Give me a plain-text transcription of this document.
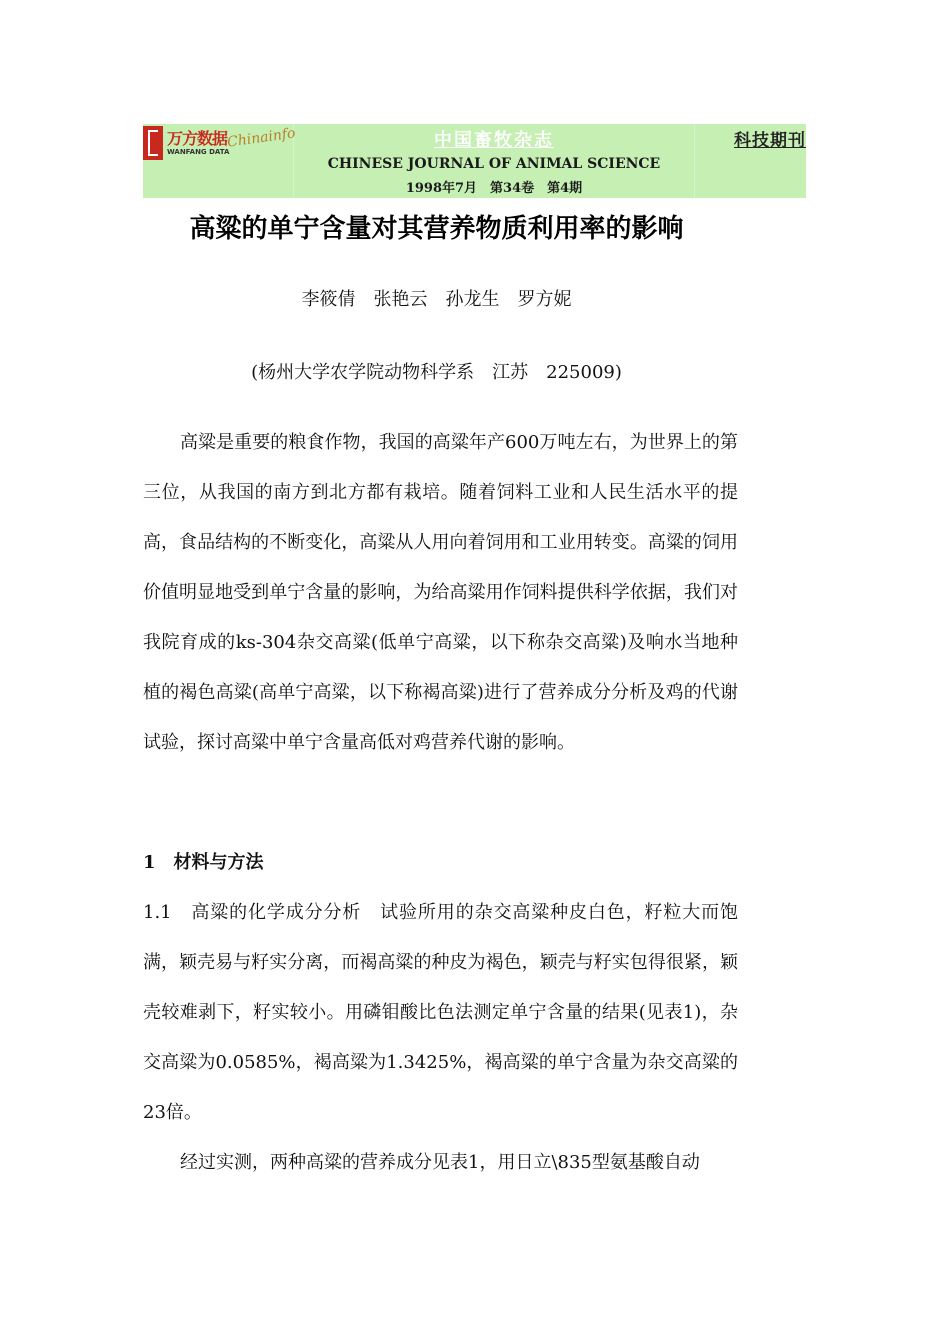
万方数据
WANFANG DATA
Chinainfo	中国畜牧杂志
CHINESE JOURNAL OF ANIMAL SCIENCE
1998年7月　第34卷　第4期
科技期刊
高粱的单宁含量对其营养物质利用率的影响
李筱倩　张艳云　孙龙生　罗方妮
(杨州大学农学院动物科学系　江苏　225009)

高粱是重要的粮食作物，我国的高粱年产600万吨左右，为世界上的第三位，从我国的南方到北方都有栽培。随着饲料工业和人民生活水平的提高，食品结构的不断变化，高粱从人用向着饲用和工业用转变。高粱的饲用价值明显地受到单宁含量的影响，为给高粱用作饲料提供科学依据，我们对我院育成的ks-304杂交高粱(低单宁高粱，以下称杂交高粱)及响水当地种植的褐色高粱(高单宁高粱，以下称褐高粱)进行了营养成分分析及鸡的代谢试验，探讨高粱中单宁含量高低对鸡营养代谢的影响。

1　材料与方法

1.1　高粱的化学成分分析　试验所用的杂交高粱种皮白色，籽粒大而饱满，颖壳易与籽实分离，而褐高粱的种皮为褐色，颖壳与籽实包得很紧，颖壳较难剥下，籽实较小。用磷钼酸比色法测定单宁含量的结果(见表1)，杂交高粱为0.0585%，褐高粱为1.3425%，褐高粱的单宁含量为杂交高粱的23倍。

经过实测，两种高粱的营养成分见表1，用日立\835型氨基酸自动
